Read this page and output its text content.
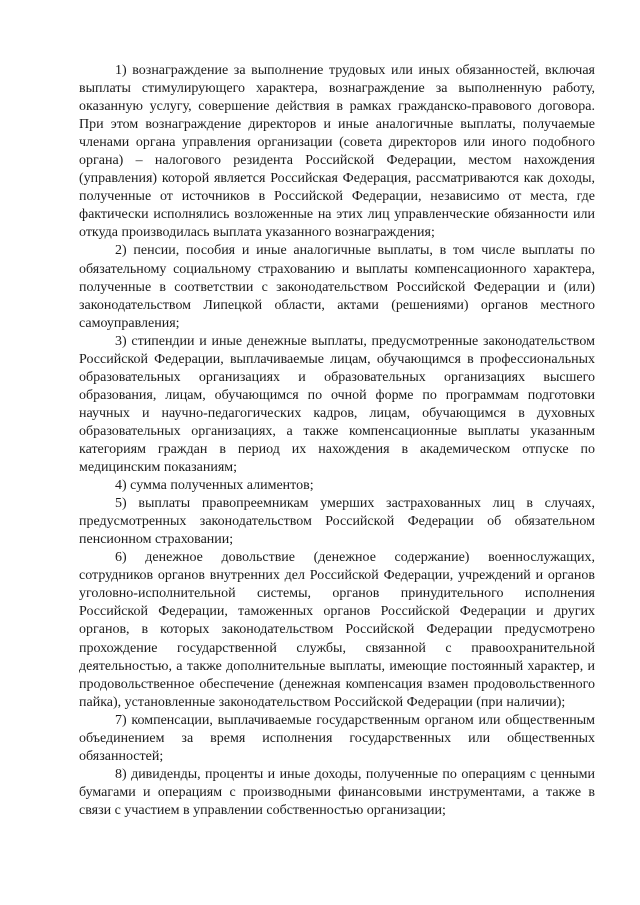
1) вознаграждение за выполнение трудовых или иных обязанностей, включая выплаты стимулирующего характера, вознаграждение за выполненную работу, оказанную услугу, совершение действия в рамках гражданско-правового договора. При этом вознаграждение директоров и иные аналогичные выплаты, получаемые членами органа управления организации (совета директоров или иного подобного органа) – налогового резидента Российской Федерации, местом нахождения (управления) которой является Российская Федерация, рассматриваются как доходы, полученные от источников в Российской Федерации, независимо от места, где фактически исполнялись возложенные на этих лиц управленческие обязанности или откуда производилась выплата указанного вознаграждения;

2) пенсии, пособия и иные аналогичные выплаты, в том числе выплаты по обязательному социальному страхованию и выплаты компенсационного характера, полученные в соответствии с законодательством Российской Федерации и (или) законодательством Липецкой области, актами (решениями) органов местного самоуправления;

3) стипендии и иные денежные выплаты, предусмотренные законодательством Российской Федерации, выплачиваемые лицам, обучающимся в профессиональных образовательных организациях и образовательных организациях высшего образования, лицам, обучающимся по очной форме по программам подготовки научных и научно-педагогических кадров, лицам, обучающимся в духовных образовательных организациях, а также компенсационные выплаты указанным категориям граждан в период их нахождения в академическом отпуске по медицинским показаниям;

4) сумма полученных алиментов;

5) выплаты правопреемникам умерших застрахованных лиц в случаях, предусмотренных законодательством Российской Федерации об обязательном пенсионном страховании;

6) денежное довольствие (денежное содержание) военнослужащих, сотрудников органов внутренних дел Российской Федерации, учреждений и органов уголовно-исполнительной системы, органов принудительного исполнения Российской Федерации, таможенных органов Российской Федерации и других органов, в которых законодательством Российской Федерации предусмотрено прохождение государственной службы, связанной с правоохранительной деятельностью, а также дополнительные выплаты, имеющие постоянный характер, и продовольственное обеспечение (денежная компенсация взамен продовольственного пайка), установленные законодательством Российской Федерации (при наличии);

7) компенсации, выплачиваемые государственным органом или общественным объединением за время исполнения государственных или общественных обязанностей;

8) дивиденды, проценты и иные доходы, полученные по операциям с ценными бумагами и операциям с производными финансовыми инструментами, а также в связи с участием в управлении собственностью организации;
